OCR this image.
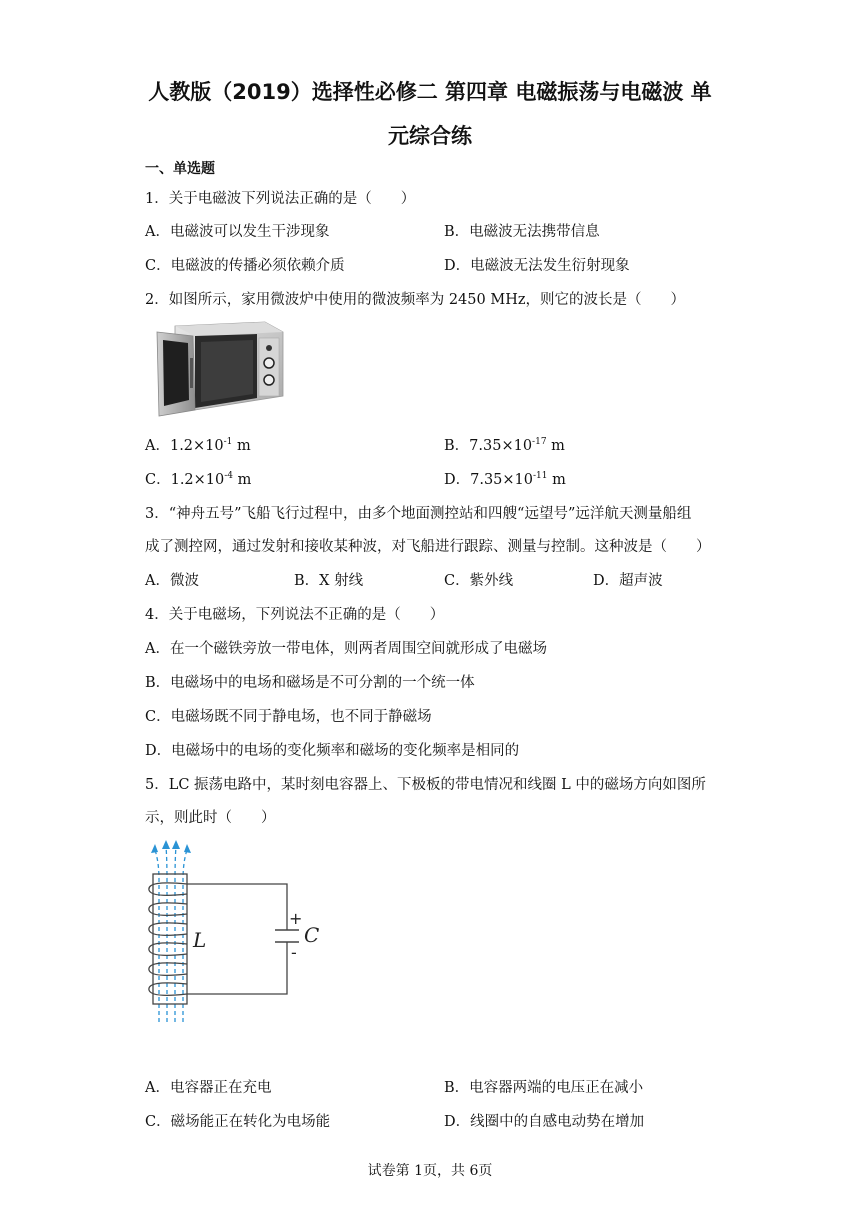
人教版（2019）选择性必修二 第四章 电磁振荡与电磁波 单
元综合练
一、单选题
1．关于电磁波下列说法正确的是（　　）
A．电磁波可以发生干涉现象	B．电磁波无法携带信息
C．电磁波的传播必须依赖介质	D．电磁波无法发生衍射现象
2．如图所示，家用微波炉中使用的微波频率为 2450 MHz，则它的波长是（　　）
A．$1.2\times 10^{-1}$ m	B．$7.35\times 10^{-17}$ m
C．$1.2\times 10^{-4}$ m	D．$7.35\times 10^{-11}$ m
3．“神舟五号”飞船飞行过程中，由多个地面测控站和四艘“远望号”远洋航天测量船组
成了测控网，通过发射和接收某种波，对飞船进行跟踪、测量与控制。这种波是（　　）
A．微波	B．X 射线	C．紫外线	D．超声波
4．关于电磁场，下列说法不正确的是（　　）
A．在一个磁铁旁放一带电体，则两者周围空间就形成了电磁场
B．电磁场中的电场和磁场是不可分割的一个统一体
C．电磁场既不同于静电场，也不同于静磁场
D．电磁场中的电场的变化频率和磁场的变化频率是相同的
5．LC 振荡电路中，某时刻电容器上、下极板的带电情况和线圈 L 中的磁场方向如图所
示，则此时（　　）
+
-
L	C
A．电容器正在充电	B．电容器两端的电压正在减小
C．磁场能正在转化为电场能	D．线圈中的自感电动势在增加
试卷第 1页，共 6页
